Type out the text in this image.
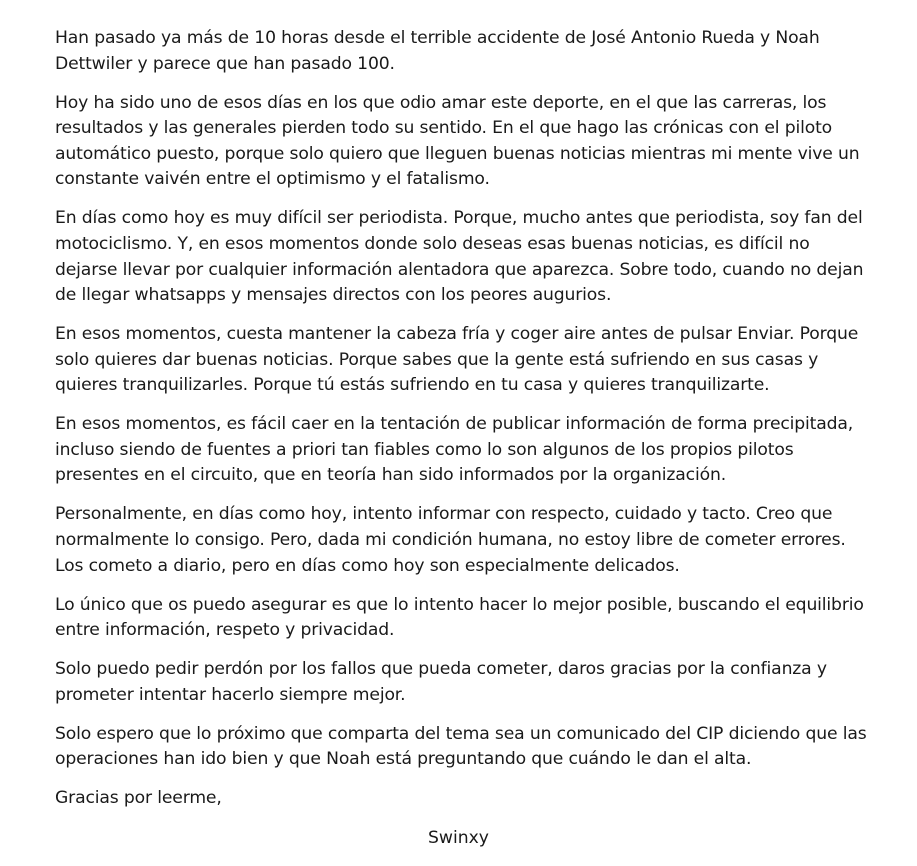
Han pasado ya más de 10 horas desde el terrible accidente de José Antonio Rueda y Noah Dettwiler y parece que han pasado 100.

Hoy ha sido uno de esos días en los que odio amar este deporte, en el que las carreras, los resultados y las generales pierden todo su sentido. En el que hago las crónicas con el piloto automático puesto, porque solo quiero que lleguen buenas noticias mientras mi mente vive un constante vaivén entre el optimismo y el fatalismo.

En días como hoy es muy difícil ser periodista. Porque, mucho antes que periodista, soy fan del motociclismo. Y, en esos momentos donde solo deseas esas buenas noticias, es difícil no dejarse llevar por cualquier información alentadora que aparezca. Sobre todo, cuando no dejan de llegar whatsapps y mensajes directos con los peores augurios.

En esos momentos, cuesta mantener la cabeza fría y coger aire antes de pulsar Enviar. Porque solo quieres dar buenas noticias. Porque sabes que la gente está sufriendo en sus casas y quieres tranquilizarles. Porque tú estás sufriendo en tu casa y quieres tranquilizarte.

En esos momentos, es fácil caer en la tentación de publicar información de forma precipitada, incluso siendo de fuentes a priori tan fiables como lo son algunos de los propios pilotos presentes en el circuito, que en teoría han sido informados por la organización.

Personalmente, en días como hoy, intento informar con respecto, cuidado y tacto. Creo que normalmente lo consigo. Pero, dada mi condición humana, no estoy libre de cometer errores. Los cometo a diario, pero en días como hoy son especialmente delicados.

Lo único que os puedo asegurar es que lo intento hacer lo mejor posible, buscando el equilibrio entre información, respeto y privacidad.

Solo puedo pedir perdón por los fallos que pueda cometer, daros gracias por la confianza y prometer intentar hacerlo siempre mejor.

Solo espero que lo próximo que comparta del tema sea un comunicado del CIP diciendo que las operaciones han ido bien y que Noah está preguntando que cuándo le dan el alta.

Gracias por leerme,

Swinxy
